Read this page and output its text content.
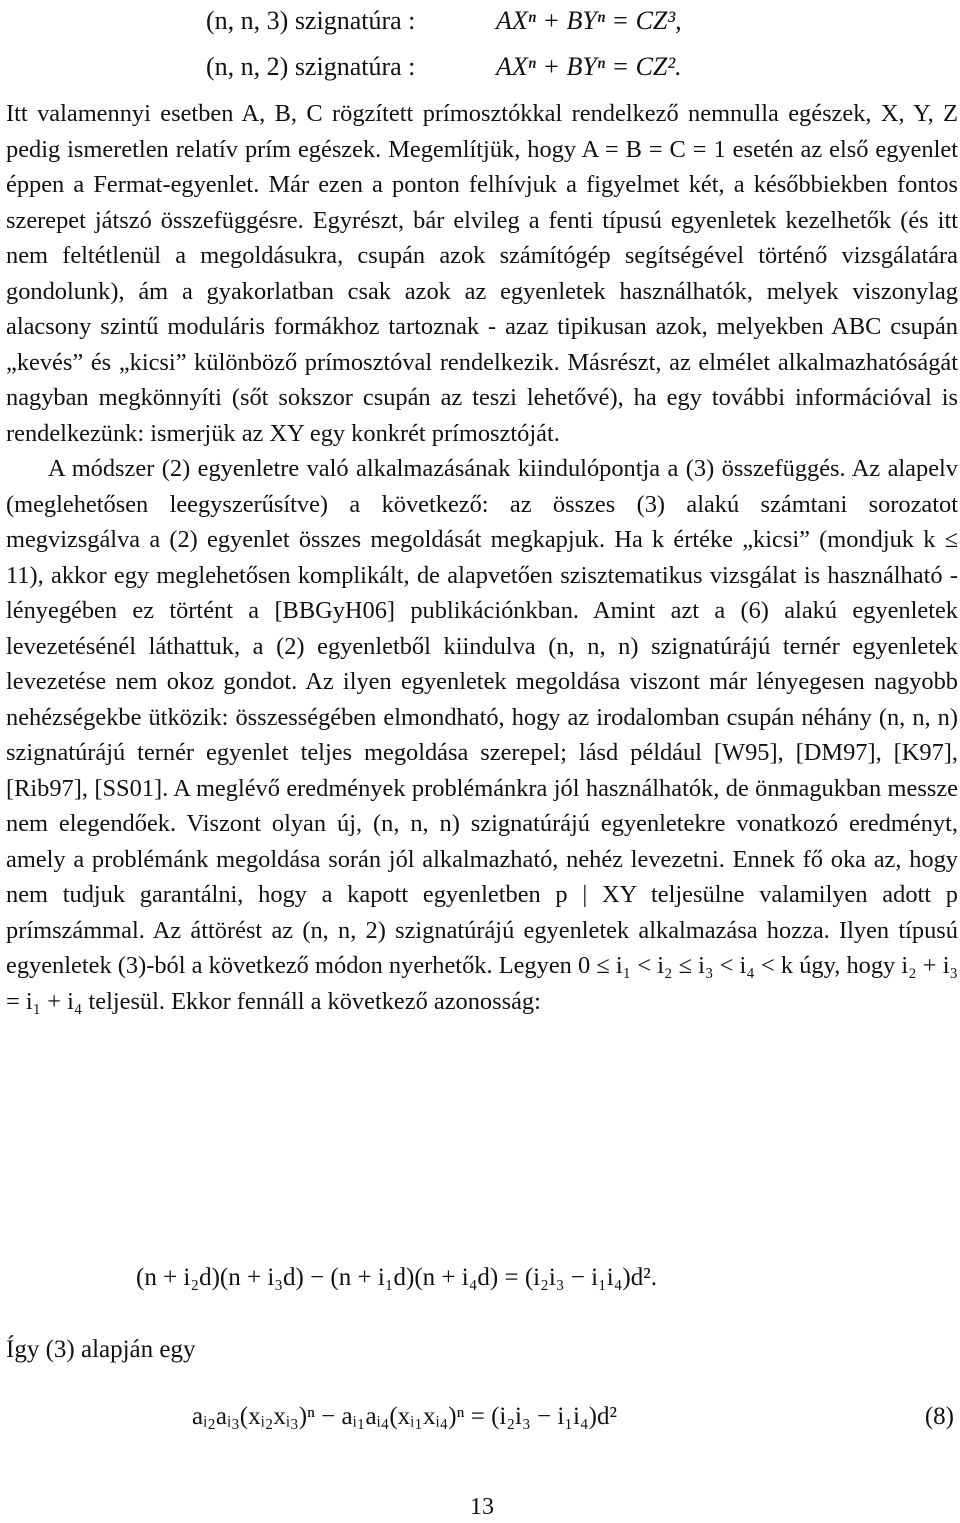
(n, n, 3) szignatúra :	AXⁿ + BYⁿ = CZ³,
(n, n, 2) szignatúra :	AXⁿ + BYⁿ = CZ².

Itt valamennyi esetben A, B, C rögzített prímosztókkal rendelkező nemnulla egészek, X, Y, Z pedig ismeretlen relatív prím egészek. Megemlítjük, hogy A = B = C = 1 esetén az első egyenlet éppen a Fermat-egyenlet. Már ezen a ponton felhívjuk a figyelmet két, a későbbiekben fontos szerepet játszó összefüggésre. Egyrészt, bár elvileg a fenti típusú egyenletek kezelhetők (és itt nem feltétlenül a megoldásukra, csupán azok számítógép segítségével történő vizsgálatára gondolunk), ám a gyakorlatban csak azok az egyenletek használhatók, melyek viszonylag alacsony szintű moduláris formákhoz tartoznak - azaz tipikusan azok, melyekben ABC csupán „kevés” és „kicsi” különböző prímosztóval rendelkezik. Másrészt, az elmélet alkalmazhatóságát nagyban megkönnyíti (sőt sokszor csupán az teszi lehetővé), ha egy további információval is rendelkezünk: ismerjük az XY egy konkrét prímosztóját.

A módszer (2) egyenletre való alkalmazásának kiindulópontja a (3) összefüggés. Az alapelv (meglehetősen leegyszerűsítve) a következő: az összes (3) alakú számtani sorozatot megvizsgálva a (2) egyenlet összes megoldását megkapjuk. Ha k értéke „kicsi” (mondjuk k ≤ 11), akkor egy meglehetősen komplikált, de alapvetően szisztematikus vizsgálat is használható - lényegében ez történt a [BBGyH06] publikációnkban. Amint azt a (6) alakú egyenletek levezetésénél láthattuk, a (2) egyenletből kiindulva (n, n, n) szignatúrájú ternér egyenletek levezetése nem okoz gondot. Az ilyen egyenletek megoldása viszont már lényegesen nagyobb nehézségekbe ütközik: összességében elmondható, hogy az irodalomban csupán néhány (n, n, n) szignatúrájú ternér egyenlet teljes megoldása szerepel; lásd például [W95], [DM97], [K97], [Rib97], [SS01]. A meglévő eredmények problémánkra jól használhatók, de önmagukban messze nem elegendőek. Viszont olyan új, (n, n, n) szignatúrájú egyenletekre vonatkozó eredményt, amely a problémánk megoldása során jól alkalmazható, nehéz levezetni. Ennek fő oka az, hogy nem tudjuk garantálni, hogy a kapott egyenletben p | XY teljesülne valamilyen adott p prímszámmal. Az áttörést az (n, n, 2) szignatúrájú egyenletek alkalmazása hozza. Ilyen típusú egyenletek (3)-ból a következő módon nyerhetők. Legyen 0 ≤ i₁ < i₂ ≤ i₃ < i₄ < k úgy, hogy i₂ + i₃ = i₁ + i₄ teljesül. Ekkor fennáll a következő azonosság:

(n + i₂d)(n + i₃d) − (n + i₁d)(n + i₄d) = (i₂i₃ − i₁i₄)d².
Így (3) alapján egy
aᵢ₂aᵢ₃(xᵢ₂xᵢ₃)ⁿ − aᵢ₁aᵢ₄(xᵢ₁xᵢ₄)ⁿ = (i₂i₃ − i₁i₄)d²	(8)
13
